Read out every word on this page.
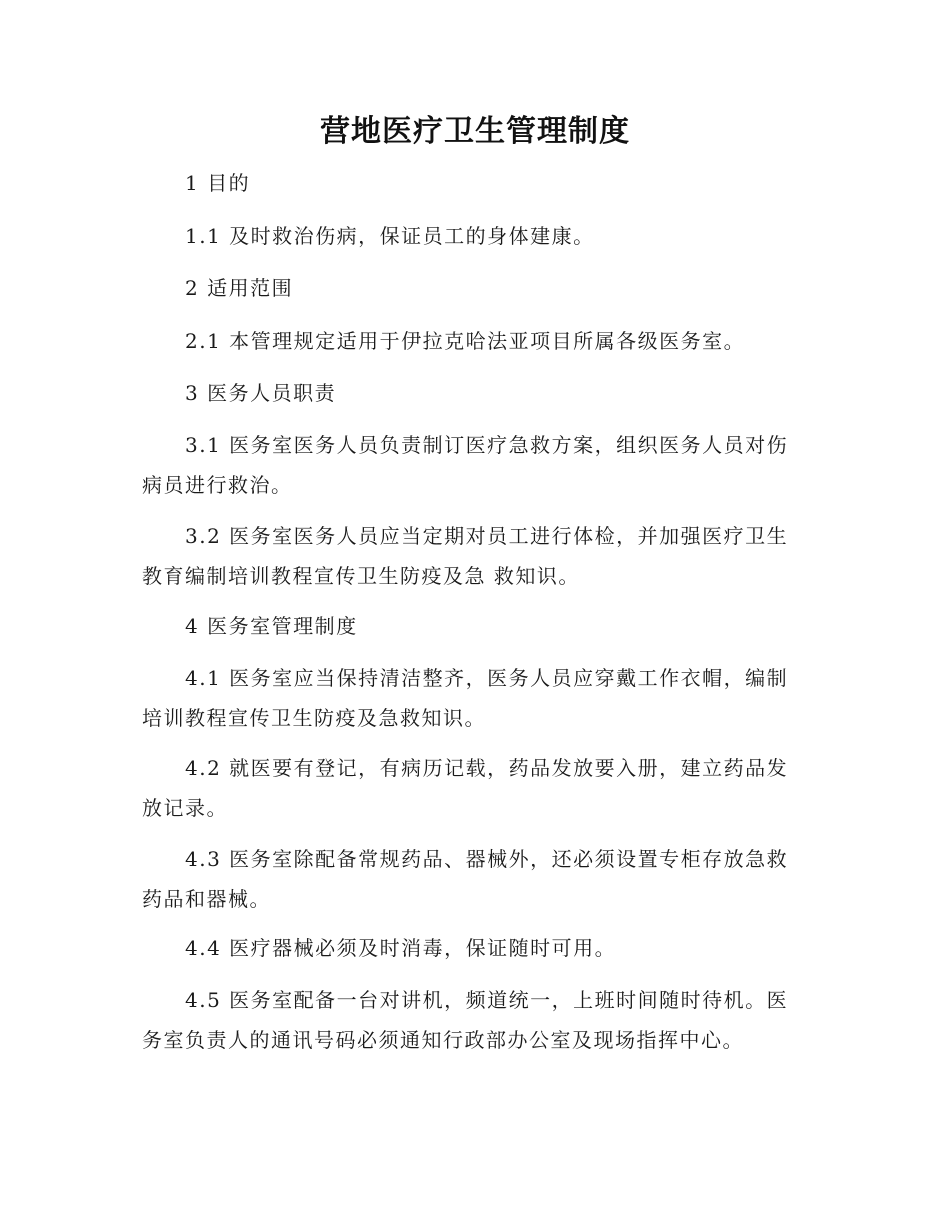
营地医疗卫生管理制度
1 目的
1.1 及时救治伤病，保证员工的身体建康。
2 适用范围
2.1 本管理规定适用于伊拉克哈法亚项目所属各级医务室。
3 医务人员职责
3.1 医务室医务人员负责制订医疗急救方案，组织医务人员对伤病员进行救治。
3.2 医务室医务人员应当定期对员工进行体检，并加强医疗卫生教育编制培训教程宣传卫生防疫及急 救知识。
4 医务室管理制度
4.1 医务室应当保持清洁整齐，医务人员应穿戴工作衣帽，编制培训教程宣传卫生防疫及急救知识。
4.2 就医要有登记，有病历记载，药品发放要入册，建立药品发放记录。
4.3 医务室除配备常规药品、器械外，还必须设置专柜存放急救药品和器械。
4.4 医疗器械必须及时消毒，保证随时可用。
4.5 医务室配备一台对讲机，频道统一，上班时间随时待机。医务室负责人的通讯号码必须通知行政部办公室及现场指挥中心。
